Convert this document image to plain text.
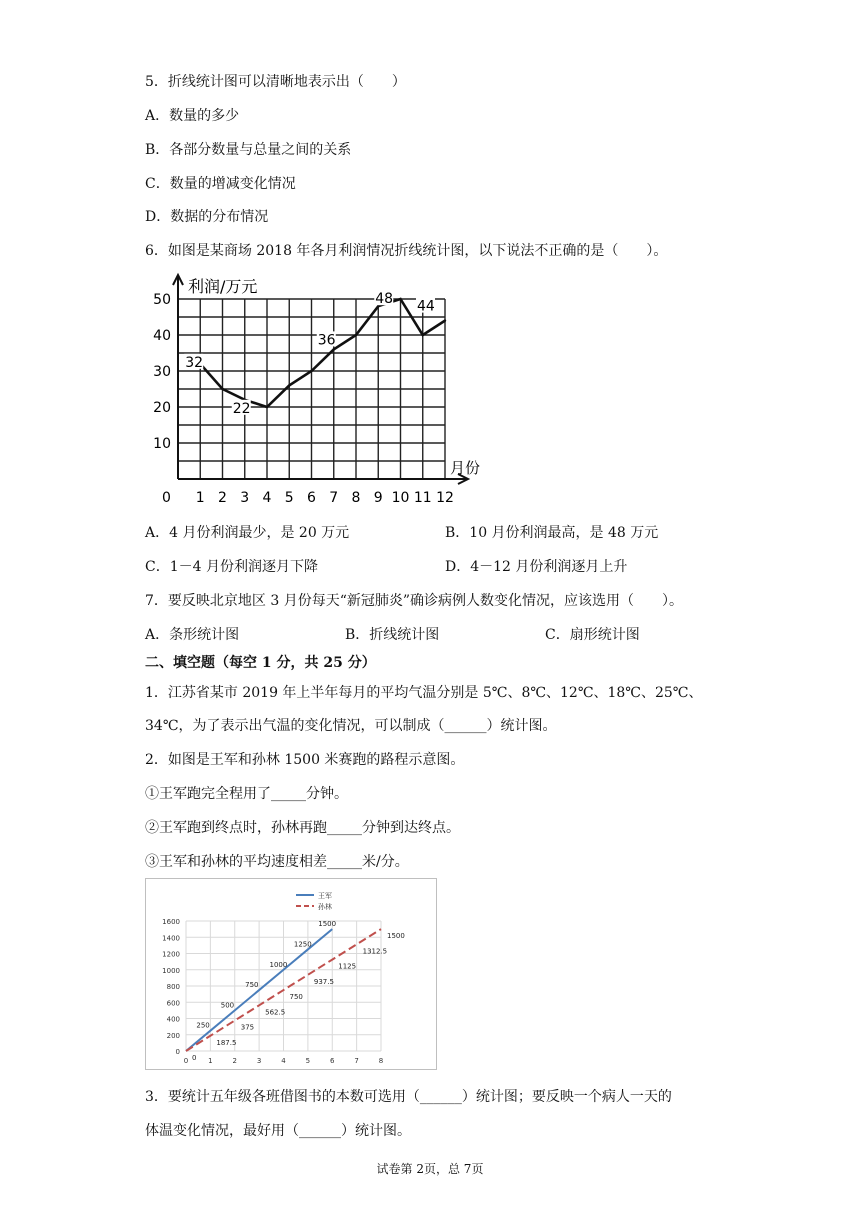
5．折线统计图可以清晰地表示出（　　）
A．数量的多少
B．各部分数量与总量之间的关系
C．数量的增减变化情况
D．数据的分布情况
6．如图是某商场 2018 年各月利润情况折线统计图，以下说法不正确的是（　　）。
利润/万元
月份
0
10
20
30
40
50
1 2 3 4 5 6 7 8 9 10 11 12
32
22
36
48 44
A．4 月份利润最少，是 20 万元	B．10 月份利润最高，是 48 万元
C．1－4 月份利润逐月下降	D．4－12 月份利润逐月上升
7．要反映北京地区 3 月份每天“新冠肺炎”确诊病例人数变化情况，应该选用（　　）。
A．条形统计图	B．折线统计图	C．扇形统计图
二、填空题（每空 1 分，共 25 分）
1．江苏省某市 2019 年上半年每月的平均气温分别是 5℃、8℃、12℃、18℃、25℃、
34℃，为了表示出气温的变化情况，可以制成（______）统计图。
2．如图是王军和孙林 1500 米赛跑的路程示意图。
①王军跑完全程用了_____分钟。
②王军跑到终点时，孙林再跑_____分钟到达终点。
③王军和孙林的平均速度相差_____米/分。
0
200
400
600
800
1000
1200
1400
1600
0	1	2	3	4	5	6	7	8
王军
孙林
250
500
750
1000
1250
1500
0
187.5
375
562.5
750
937.5
1125
1312.5
1500
3．要统计五年级各班借图书的本数可选用（______）统计图；要反映一个病人一天的
体温变化情况，最好用（______）统计图。
试卷第 2页，总 7页
